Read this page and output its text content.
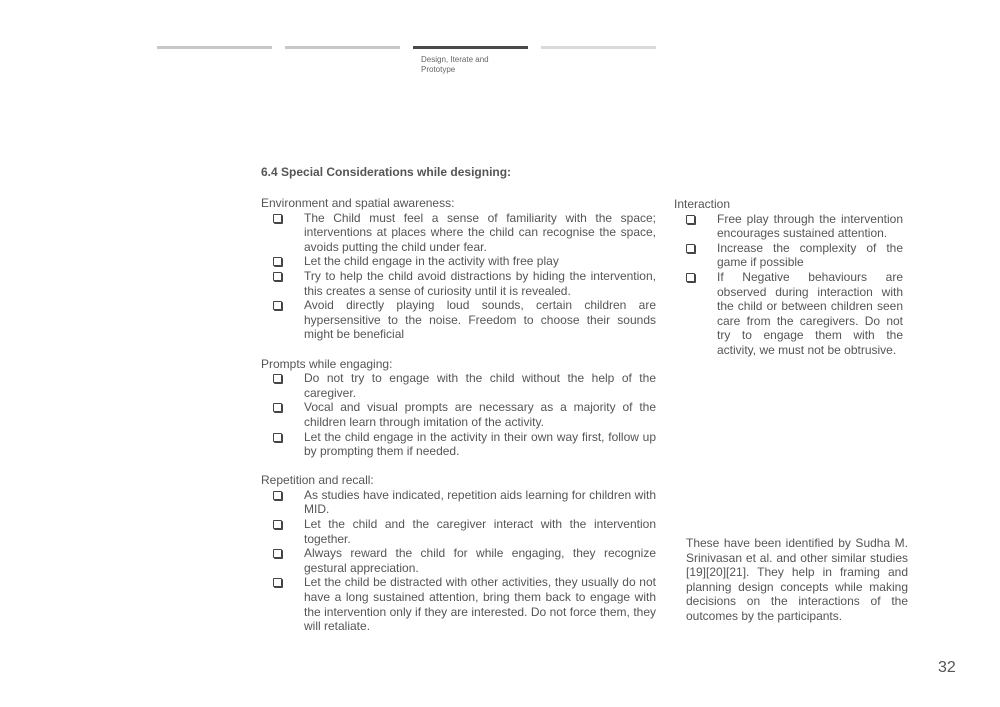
Design, Iterate and Prototype
6.4 Special Considerations while designing:

Environment and spatial awareness:

The Child must feel a sense of familiarity with the space; interventions at places where the child can recognise the space, avoids putting the child under fear.
Let the child engage in the activity with free play
Try to help the child avoid distractions by hiding the intervention, this creates a sense of curiosity until it is revealed.
Avoid directly playing loud sounds, certain children are hypersensitive to the noise. Freedom to choose their sounds might be beneficial

Prompts while engaging:

Do not try to engage with the child without the help of the caregiver.
Vocal and visual prompts are necessary as a majority of the children learn through imitation of the activity.
Let the child engage in the activity in their own way first, follow up by prompting them if needed.

Repetition and recall:

As studies have indicated, repetition aids learning for children with MID.
Let the child and the caregiver interact with the intervention together.
Always reward the child for while engaging, they recognize gestural appreciation.
Let the child be distracted with other activities, they usually do not have a long sustained attention, bring them back to engage with the intervention only if they are interested. Do not force them, they will retaliate.

Interaction

Free play through the intervention encourages sustained attention.
Increase the complexity of the game if possible
If Negative behaviours are observed during interaction with the child or between children seen care from the caregivers. Do not try to engage them with the activity, we must not be obtrusive.
These have been identified by Sudha M. Srinivasan et al. and other similar studies [19][20][21]. They help in framing and planning design concepts while making decisions on the interactions of the outcomes by the participants.
32
